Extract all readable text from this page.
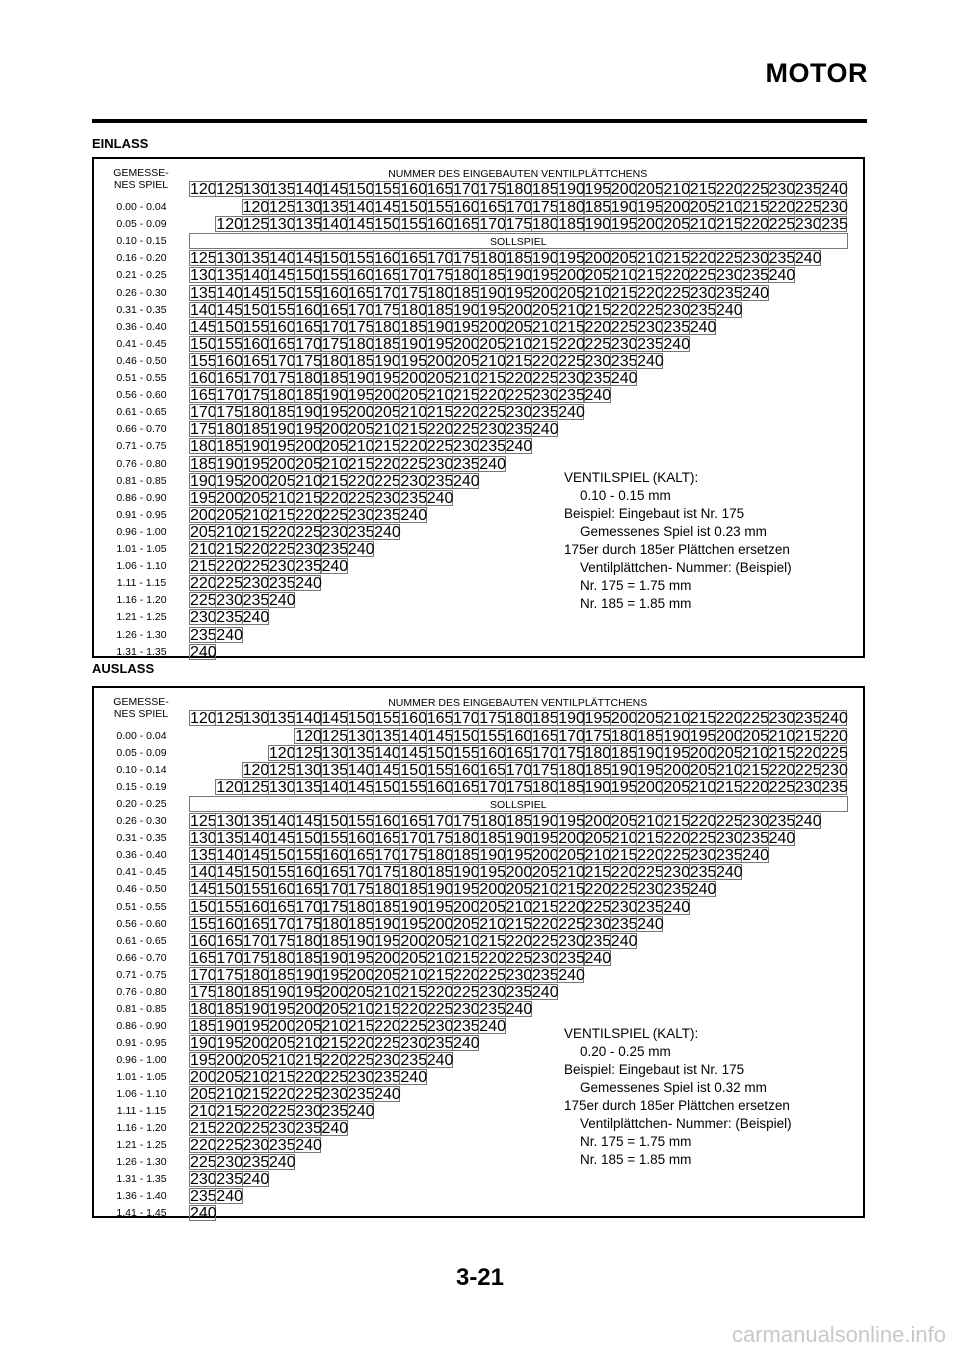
MOTOR
EINLASS
GEMESSE-
NES SPIEL
NUMMER DES EINGEBAUTEN VENTILPLÄTTCHENS
120 125 130 135 140 145 150 155 160 165 170 175 180 185 190 195 200 205 210 215 220 225 230 235 240
0.00 - 0.04	120 125 130 135 140 145 150 155 160 165 170 175 180 185 190 195 200 205 210 215 220 225 230
0.05 - 0.09	120 125 130 135 140 145 150 155 160 165 170 175 180 185 190 195 200 205 210 215 220 225 230 235
0.10 - 0.15	SOLLSPIEL
0.16 - 0.20	125 130 135 140 145 150 155 160 165 170 175 180 185 190 195 200 205 210 215 220 225 230 235 240
0.21 - 0.25	130 135 140 145 150 155 160 165 170 175 180 185 190 195 200 205 210 215 220 225 230 235 240
0.26 - 0.30	135 140 145 150 155 160 165 170 175 180 185 190 195 200 205 210 215 220 225 230 235 240
0.31 - 0.35	140 145 150 155 160 165 170 175 180 185 190 195 200 205 210 215 220 225 230 235 240
0.36 - 0.40	145 150 155 160 165 170 175 180 185 190 195 200 205 210 215 220 225 230 235 240
0.41 - 0.45	150 155 160 165 170 175 180 185 190 195 200 205 210 215 220 225 230 235 240
0.46 - 0.50	155 160 165 170 175 180 185 190 195 200 205 210 215 220 225 230 235 240
0.51 - 0.55	160 165 170 175 180 185 190 195 200 205 210 215 220 225 230 235 240
0.56 - 0.60	165 170 175 180 185 190 195 200 205 210 215 220 225 230 235 240
0.61 - 0.65	170 175 180 185 190 195 200 205 210 215 220 225 230 235 240
0.66 - 0.70	175 180 185 190 195 200 205 210 215 220 225 230 235 240
0.71 - 0.75	180 185 190 195 200 205 210 215 220 225 230 235 240
0.76 - 0.80	185 190 195 200 205 210 215 220 225 230 235 240
0.81 - 0.85	190 195 200 205 210 215 220 225 230 235 240
0.86 - 0.90	195 200 205 210 215 220 225 230 235 240
0.91 - 0.95	200 205 210 215 220 225 230 235 240
0.96 - 1.00	205 210 215 220 225 230 235 240
1.01 - 1.05	210 215 220 225 230 235 240
1.06 - 1.10	215 220 225 230 235 240
1.11 - 1.15	220 225 230 235 240
1.16 - 1.20	225 230 235 240
1.21 - 1.25	230 235 240
1.26 - 1.30	235 240
1.31 - 1.35	240
VENTILSPIEL (KALT):
0.10 - 0.15 mm
Beispiel: Eingebaut ist Nr. 175
Gemessenes Spiel ist 0.23 mm
175er durch 185er Plättchen ersetzen
Ventilplättchen- Nummer: (Beispiel)
Nr. 175 = 1.75 mm
Nr. 185 = 1.85 mm
AUSLASS
GEMESSE-
NES SPIEL
NUMMER DES EINGEBAUTEN VENTILPLÄTTCHENS
120 125 130 135 140 145 150 155 160 165 170 175 180 185 190 195 200 205 210 215 220 225 230 235 240
0.00 - 0.04	120 125 130 135 140 145 150 155 160 165 170 175 180 185 190 195 200 205 210 215 220
0.05 - 0.09	120 125 130 135 140 145 150 155 160 165 170 175 180 185 190 195 200 205 210 215 220 225
0.10 - 0.14	120 125 130 135 140 145 150 155 160 165 170 175 180 185 190 195 200 205 210 215 220 225 230
0.15 - 0.19	120 125 130 135 140 145 150 155 160 165 170 175 180 185 190 195 200 205 210 215 220 225 230 235
0.20 - 0.25	SOLLSPIEL
0.26 - 0.30	125 130 135 140 145 150 155 160 165 170 175 180 185 190 195 200 205 210 215 220 225 230 235 240
0.31 - 0.35	130 135 140 145 150 155 160 165 170 175 180 185 190 195 200 205 210 215 220 225 230 235 240
0.36 - 0.40	135 140 145 150 155 160 165 170 175 180 185 190 195 200 205 210 215 220 225 230 235 240
0.41 - 0.45	140 145 150 155 160 165 170 175 180 185 190 195 200 205 210 215 220 225 230 235 240
0.46 - 0.50	145 150 155 160 165 170 175 180 185 190 195 200 205 210 215 220 225 230 235 240
0.51 - 0.55	150 155 160 165 170 175 180 185 190 195 200 205 210 215 220 225 230 235 240
0.56 - 0.60	155 160 165 170 175 180 185 190 195 200 205 210 215 220 225 230 235 240
0.61 - 0.65	160 165 170 175 180 185 190 195 200 205 210 215 220 225 230 235 240
0.66 - 0.70	165 170 175 180 185 190 195 200 205 210 215 220 225 230 235 240
0.71 - 0.75	170 175 180 185 190 195 200 205 210 215 220 225 230 235 240
0.76 - 0.80	175 180 185 190 195 200 205 210 215 220 225 230 235 240
0.81 - 0.85	180 185 190 195 200 205 210 215 220 225 230 235 240
0.86 - 0.90	185 190 195 200 205 210 215 220 225 230 235 240
0.91 - 0.95	190 195 200 205 210 215 220 225 230 235 240
0.96 - 1.00	195 200 205 210 215 220 225 230 235 240
1.01 - 1.05	200 205 210 215 220 225 230 235 240
1.06 - 1.10	205 210 215 220 225 230 235 240
1.11 - 1.15	210 215 220 225 230 235 240
1.16 - 1.20	215 220 225 230 235 240
1.21 - 1.25	220 225 230 235 240
1.26 - 1.30	225 230 235 240
1.31 - 1.35	230 235 240
1.36 - 1.40	235 240
1.41 - 1.45	240
VENTILSPIEL (KALT):
0.20 - 0.25 mm
Beispiel: Eingebaut ist Nr. 175
Gemessenes Spiel ist 0.32 mm
175er durch 185er Plättchen ersetzen
Ventilplättchen- Nummer: (Beispiel)
Nr. 175 = 1.75 mm
Nr. 185 = 1.85 mm
3-21
carmanualsonline.info
